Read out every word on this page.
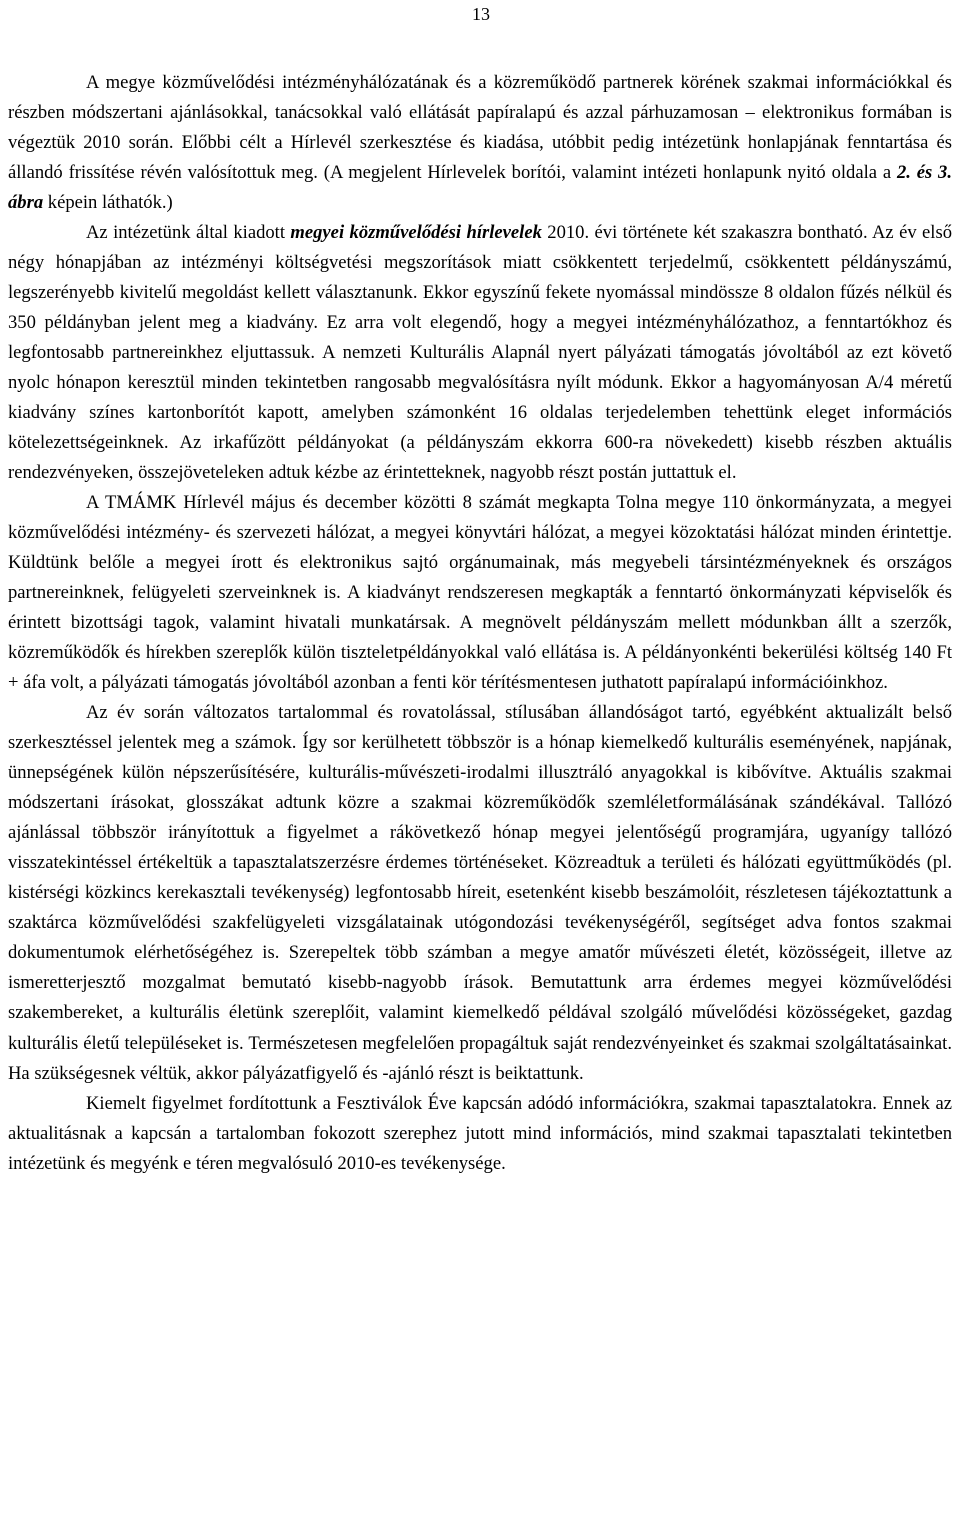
13

A megye közművelődési intézményhálózatának és a közreműködő partnerek körének szakmai információkkal és részben módszertani ajánlásokkal, tanácsokkal való ellátását papíralapú és azzal párhuzamosan – elektronikus formában is végeztük 2010 során. Előbbi célt a Hírlevél szerkesztése és kiadása, utóbbit pedig intézetünk honlapjának fenntartása és állandó frissítése révén valósítottuk meg. (A megjelent Hírlevelek borítói, valamint intézeti honlapunk nyitó oldala a 2. és 3. ábra képein láthatók.)

Az intézetünk által kiadott megyei közművelődési hírlevelek 2010. évi története két szakaszra bontható. Az év első négy hónapjában az intézményi költségvetési megszorítások miatt csökkentett terjedelmű, csökkentett példányszámú, legszerényebb kivitelű megoldást kellett választanunk. Ekkor egyszínű fekete nyomással mindössze 8 oldalon fűzés nélkül és 350 példányban jelent meg a kiadvány. Ez arra volt elegendő, hogy a megyei intézményhálózathoz, a fenntartókhoz és legfontosabb partnereinkhez eljuttassuk. A nemzeti Kulturális Alapnál nyert pályázati támogatás jóvoltából az ezt követő nyolc hónapon keresztül minden tekintetben rangosabb megvalósításra nyílt módunk. Ekkor a hagyományosan A/4 méretű kiadvány színes kartonborítót kapott, amelyben számonként 16 oldalas terjedelemben tehettünk eleget információs kötelezettségeinknek. Az irkafűzött példányokat (a példányszám ekkorra 600-ra növekedett) kisebb részben aktuális rendezvényeken, összejöveteleken adtuk kézbe az érintetteknek, nagyobb részt postán juttattuk el.

A TMÁMK Hírlevél május és december közötti 8 számát megkapta Tolna megye 110 önkormányzata, a megyei közművelődési intézmény- és szervezeti hálózat, a megyei könyvtári hálózat, a megyei közoktatási hálózat minden érintettje. Küldtünk belőle a megyei írott és elektronikus sajtó orgánumainak, más megyebeli társintézményeknek és országos partnereinknek, felügyeleti szerveinknek is. A kiadványt rendszeresen megkapták a fenntartó önkormányzati képviselők és érintett bizottsági tagok, valamint hivatali munkatársak. A megnövelt példányszám mellett módunkban állt a szerzők, közreműködők és hírekben szereplők külön tiszteletpéldányokkal való ellátása is. A példányonkénti bekerülési költség 140 Ft + áfa volt, a pályázati támogatás jóvoltából azonban a fenti kör térítésmentesen juthatott papíralapú információinkhoz.

Az év során változatos tartalommal és rovatolással, stílusában állandóságot tartó, egyébként aktualizált belső szerkesztéssel jelentek meg a számok. Így sor kerülhetett többször is a hónap kiemelkedő kulturális eseményének, napjának, ünnepségének külön népszerűsítésére, kulturális-művészeti-irodalmi illusztráló anyagokkal is kibővítve. Aktuális szakmai módszertani írásokat, glosszákat adtunk közre a szakmai közreműködők szemléletformálásának szándékával. Tallózó ajánlással többször irányítottuk a figyelmet a rákövetkező hónap megyei jelentőségű programjára, ugyanígy tallózó visszatekintéssel értékeltük a tapasztalatszerzésre érdemes történéseket. Közreadtuk a területi és hálózati együttműködés (pl. kistérségi közkincs kerekasztali tevékenység) legfontosabb híreit, esetenként kisebb beszámolóit, részletesen tájékoztattunk a szaktárca közművelődési szakfelügyeleti vizsgálatainak utógondozási tevékenységéről, segítséget adva fontos szakmai dokumentumok elérhetőségéhez is. Szerepeltek több számban a megye amatőr művészeti életét, közösségeit, illetve az ismeretterjesztő mozgalmat bemutató kisebb-nagyobb írások. Bemutattunk arra érdemes megyei közművelődési szakembereket, a kulturális életünk szereplőit, valamint kiemelkedő példával szolgáló művelődési közösségeket, gazdag kulturális életű településeket is. Természetesen megfelelően propagáltuk saját rendezvényeinket és szakmai szolgáltatásainkat. Ha szükségesnek véltük, akkor pályázatfigyelő és -ajánló részt is beiktattunk.

Kiemelt figyelmet fordítottunk a Fesztiválok Éve kapcsán adódó információkra, szakmai tapasztalatokra. Ennek az aktualitásnak a kapcsán a tartalomban fokozott szerephez jutott mind információs, mind szakmai tapasztalati tekintetben intézetünk és megyénk e téren megvalósuló 2010-es tevékenysége.
